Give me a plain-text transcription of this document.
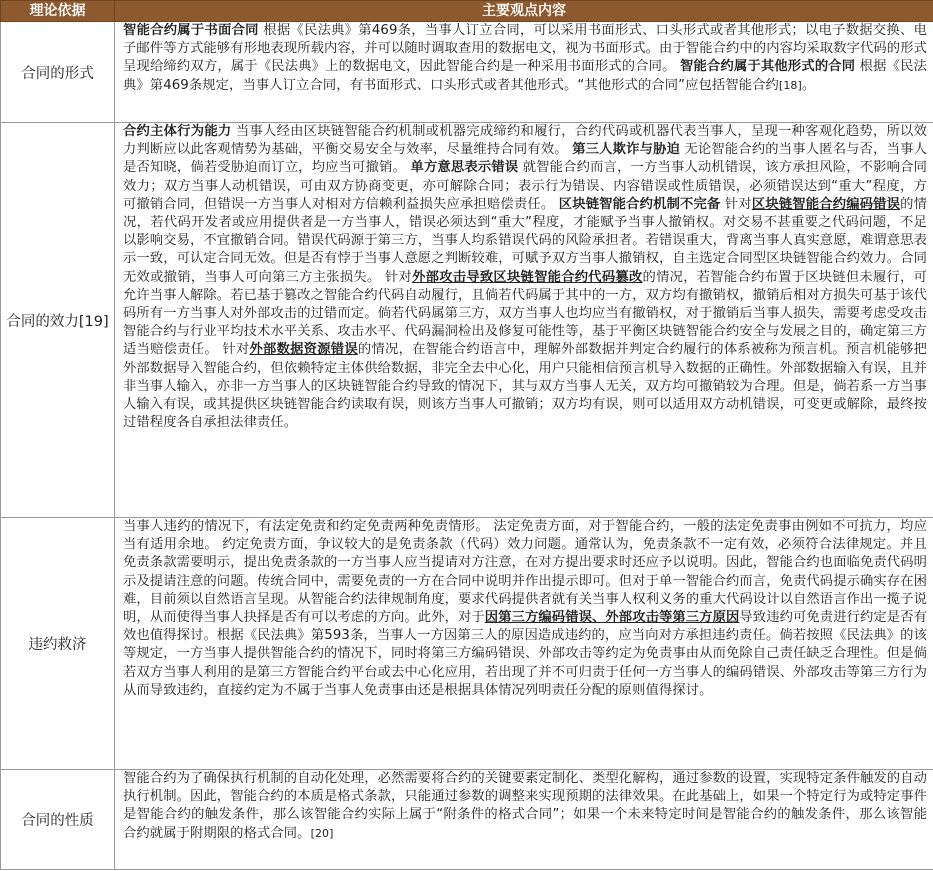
理论依据	主要观点内容
合同的形式	智能合约属于书面合同 根据《民法典》第469条，当事人订立合同，可以采用书面形式、口头形式或者其他形式；以电子数据交换、电子邮件等方式能够有形地表现所载内容，并可以随时调取查用的数据电文，视为书面形式。由于智能合约中的内容均采取数字代码的形式呈现给缔约双方，属于《民法典》上的数据电文，因此智能合约是一种采用书面形式的合同。 智能合约属于其他形式的合同 根据《民法典》第469条规定，当事人订立合同，有书面形式、口头形式或者其他形式。“其他形式的合同”应包括智能合约[18]。
合同的效力[19]	合约主体行为能力 当事人经由区块链智能合约机制或机器完成缔约和履行，合约代码或机器代表当事人，呈现一种客观化趋势，所以效力判断应以此客观情势为基础，平衡交易安全与效率，尽量维持合同有效。 第三人欺诈与胁迫 无论智能合约的当事人匿名与否，当事人是否知晓，倘若受胁迫而订立，均应当可撤销。 单方意思表示错误 就智能合约而言，一方当事人动机错误，该方承担风险，不影响合同效力；双方当事人动机错误，可由双方协商变更，亦可解除合同；表示行为错误、内容错误或性质错误，必须错误达到“重大”程度，方可撤销合同，但错误一方当事人对相对方信赖利益损失应承担赔偿责任。 区块链智能合约机制不完备 针对区块链智能合约编码错误的情况，若代码开发者或应用提供者是一方当事人，错误必须达到“重大”程度，才能赋予当事人撤销权。对交易不甚重要之代码问题，不足以影响交易，不宜撤销合同。错误代码源于第三方，当事人均系错误代码的风险承担者。若错误重大，背离当事人真实意愿，难谓意思表示一致，可认定合同无效。但是否有悖于当事人意愿之判断较难，可赋予双方当事人撤销权，自主选定合同型区块链智能合约效力。合同无效或撤销，当事人可向第三方主张损失。 针对外部攻击导致区块链智能合约代码篡改的情况，若智能合约布置于区块链但未履行，可允许当事人解除。若已基于篡改之智能合约代码自动履行，且倘若代码属于其中的一方，双方均有撤销权，撤销后相对方损失可基于该代码所有一方当事人对外部攻击的过错而定。倘若代码属第三方，双方当事人也均应当有撤销权，对于撤销后当事人损失，需要考虑受攻击智能合约与行业平均技术水平关系、攻击水平、代码漏洞检出及修复可能性等，基于平衡区块链智能合约安全与发展之目的，确定第三方适当赔偿责任。 针对外部数据资源错误的情况，在智能合约语言中，理解外部数据并判定合约履行的体系被称为预言机。预言机能够把外部数据导入智能合约，但依赖特定主体供给数据，非完全去中心化，用户只能相信预言机导入数据的正确性。外部数据输入有误，且并非当事人输入，亦非一方当事人的区块链智能合约导致的情况下，其与双方当事人无关，双方均可撤销较为合理。但是，倘若系一方当事人输入有误，或其提供区块链智能合约读取有误，则该方当事人可撤销；双方均有误，则可以适用双方动机错误，可变更或解除，最终按过错程度各自承担法律责任。
违约救济	当事人违约的情况下，有法定免责和约定免责两种免责情形。 法定免责方面，对于智能合约，一般的法定免责事由例如不可抗力，均应当有适用余地。 约定免责方面，争议较大的是免责条款（代码）效力问题。通常认为，免责条款不一定有效，必须符合法律规定。并且免责条款需要明示，提出免责条款的一方当事人应当提请对方注意，在对方提出要求时还应予以说明。因此，智能合约也面临免责代码明示及提请注意的问题。传统合同中，需要免责的一方在合同中说明并作出提示即可。但对于单一智能合约而言，免责代码提示确实存在困难，目前须以自然语言呈现。从智能合约法律规制角度，要求代码提供者就有关当事人权利义务的重大代码设计以自然语言作出一揽子说明，从而使得当事人抉择是否有可以考虑的方向。此外，对于因第三方编码错误、外部攻击等第三方原因导致违约可免责进行约定是否有效也值得探讨。根据《民法典》第593条，当事人一方因第三人的原因造成违约的，应当向对方承担违约责任。倘若按照《民法典》的该等规定，一方当事人提供智能合约的情况下，同时将第三方编码错误、外部攻击等约定为免责事由从而免除自己责任缺乏合理性。但是倘若双方当事人利用的是第三方智能合约平台或去中心化应用，若出现了并不可归责于任何一方当事人的编码错误、外部攻击等第三方行为从而导致违约，直接约定为不属于当事人免责事由还是根据具体情况列明责任分配的原则值得探讨。
合同的性质	智能合约为了确保执行机制的自动化处理，必然需要将合约的关键要素定制化、类型化解构，通过参数的设置，实现特定条件触发的自动执行机制。因此，智能合约的本质是格式条款，只能通过参数的调整来实现预期的法律效果。在此基础上，如果一个特定行为或特定事件是智能合约的触发条件，那么该智能合约实际上属于“附条件的格式合同”；如果一个未来特定时间是智能合约的触发条件，那么该智能合约就属于附期限的格式合同。[20]
